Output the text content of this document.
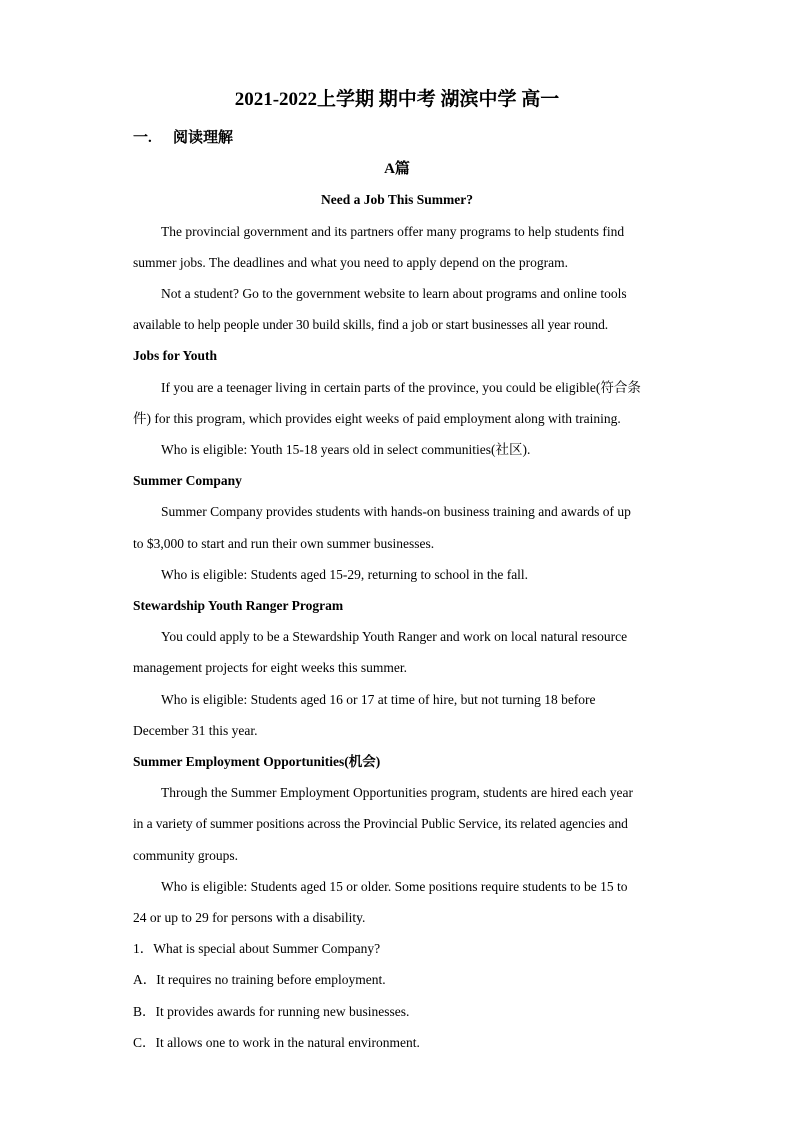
2021-2022上学期 期中考 湖滨中学 高一
一. 阅读理解
A篇
Need a Job This Summer?
The provincial government and its partners offer many programs to help students find
summer jobs. The deadlines and what you need to apply depend on the program.
Not a student? Go to the government website to learn about programs and online tools
available to help people under 30 build skills, find a job or start businesses all year round.
Jobs for Youth
If you are a teenager living in certain parts of the province, you could be eligible(符合条
件) for this program, which provides eight weeks of paid employment along with training.
Who is eligible: Youth 15-18 years old in select communities(社区).
Summer Company
Summer Company provides students with hands-on business training and awards of up
to $3,000 to start and run their own summer businesses.
Who is eligible: Students aged 15-29, returning to school in the fall.
Stewardship Youth Ranger Program
You could apply to be a Stewardship Youth Ranger and work on local natural resource
management projects for eight weeks this summer.
Who is eligible: Students aged 16 or 17 at time of hire, but not turning 18 before
December 31 this year.
Summer Employment Opportunities(机会)
Through the Summer Employment Opportunities program, students are hired each year
in a variety of summer positions across the Provincial Public Service, its related agencies and
community groups.
Who is eligible: Students aged 15 or older. Some positions require students to be 15 to
24 or up to 29 for persons with a disability.
1．What is special about Summer Company?
A．It requires no training before employment.
B．It provides awards for running new businesses.
C．It allows one to work in the natural environment.
